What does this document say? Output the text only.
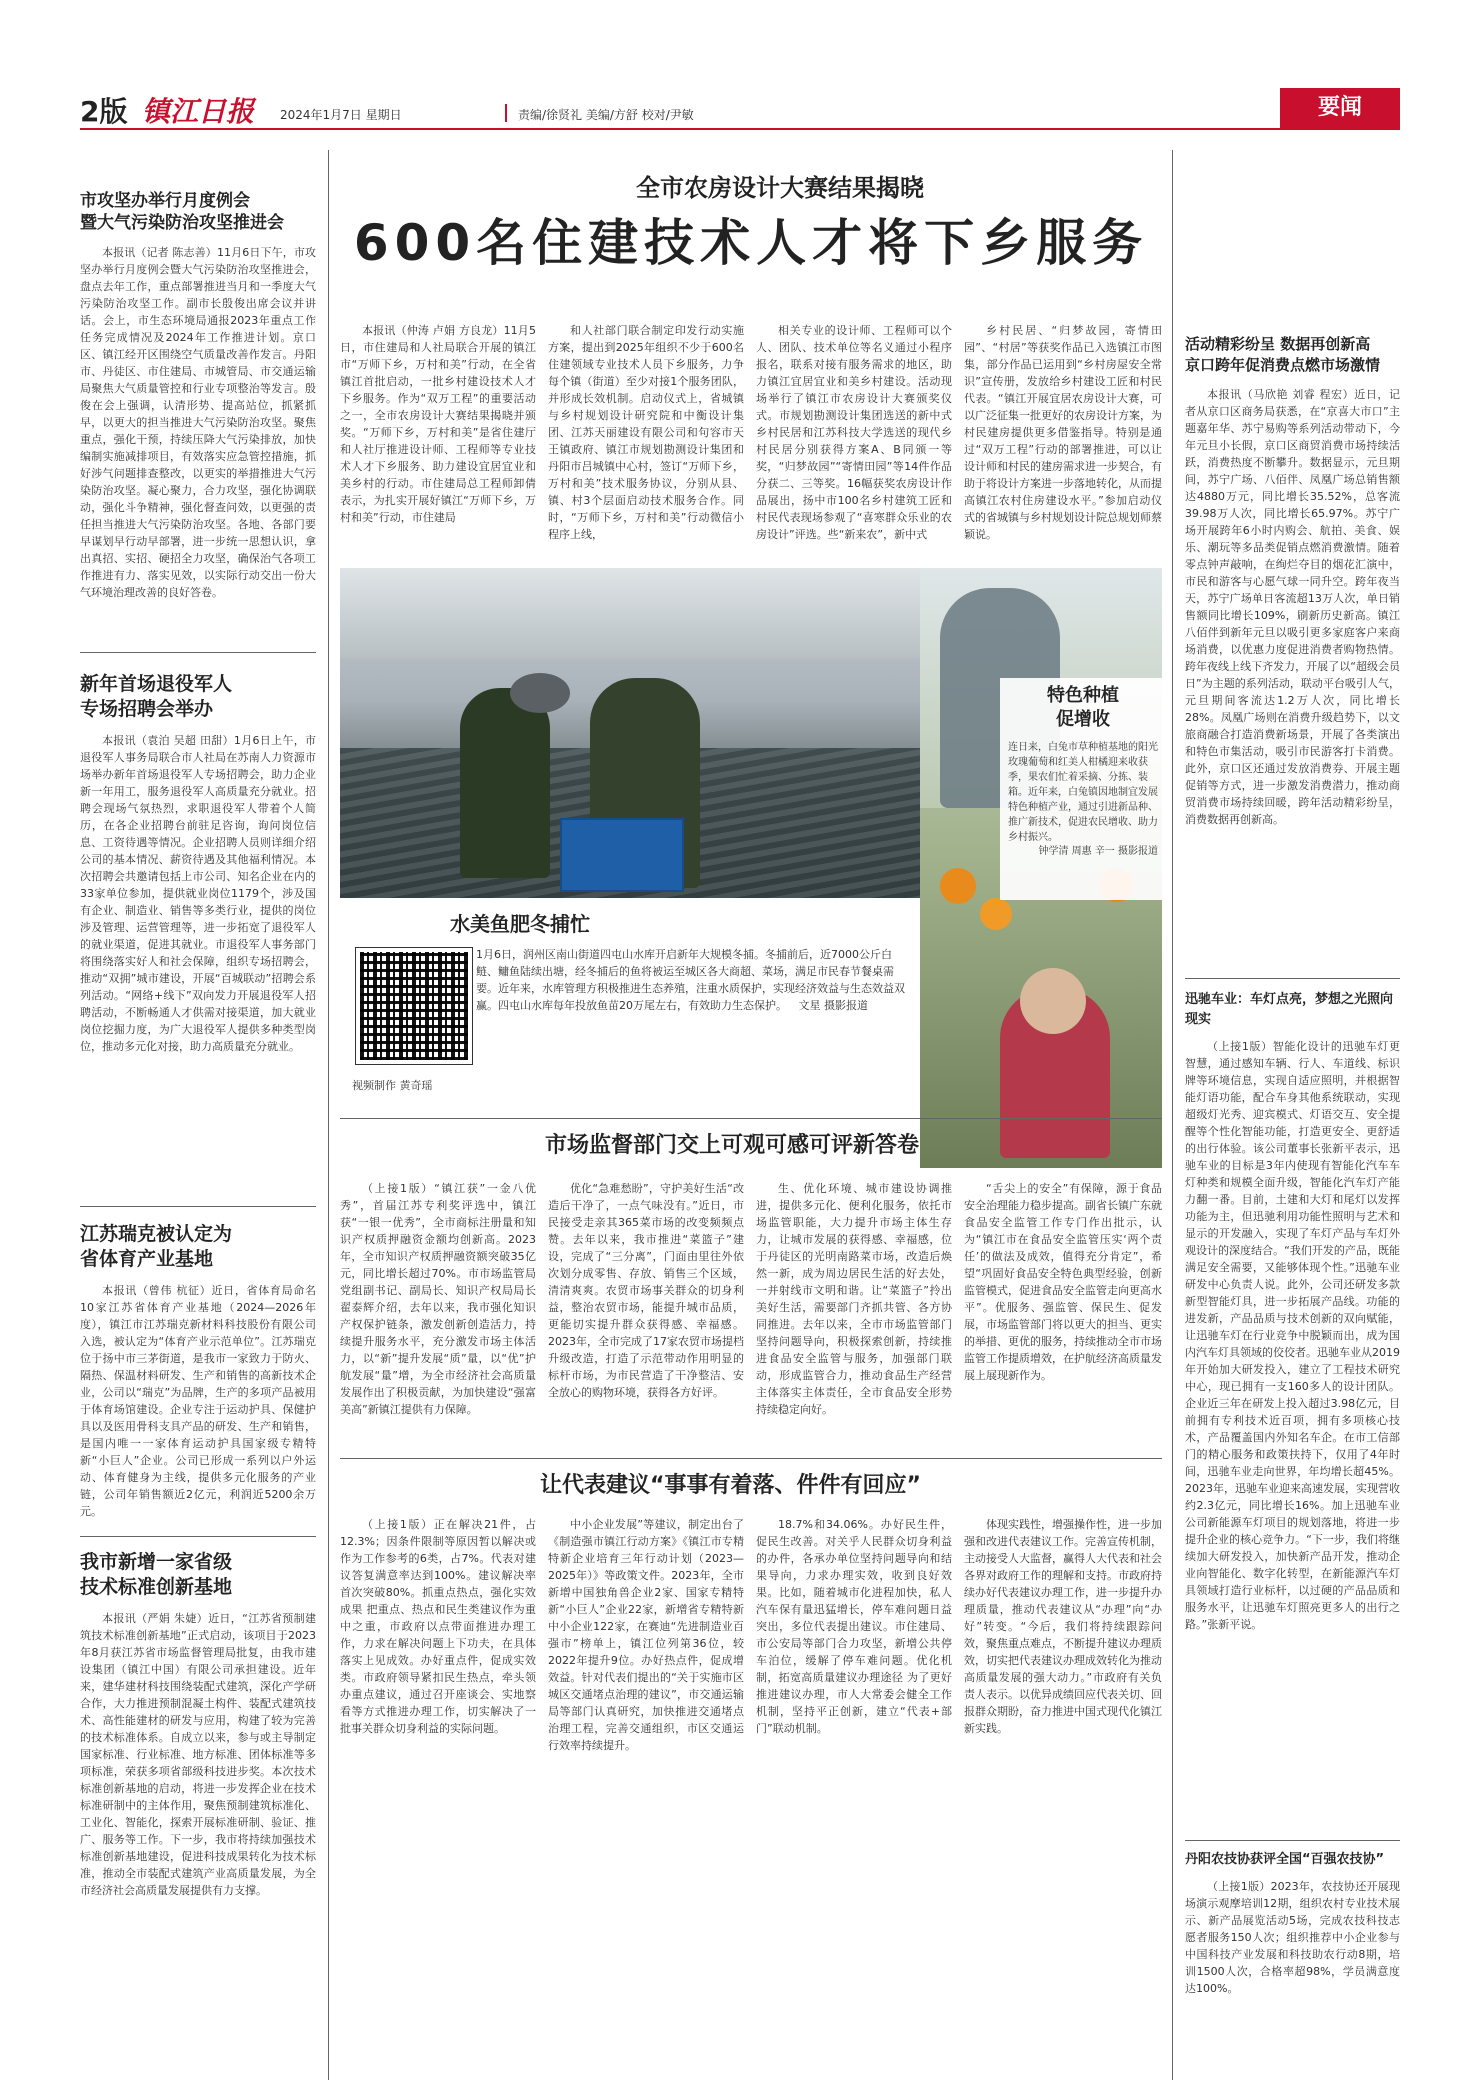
2版 镇江日报 2024年1月7日 星期日	责编/徐贤礼 美编/方舒 校对/尹敏	要闻
市攻坚办举行月度例会
暨大气污染防治攻坚推进会

本报讯（记者 陈志善）11月6日下午，市攻坚办举行月度例会暨大气污染防治攻坚推进会，盘点去年工作，重点部署推进当月和一季度大气污染防治攻坚工作。副市长殷俊出席会议并讲话。会上，市生态环境局通报2023年重点工作任务完成情况及2024年工作推进计划。京口区、镇江经开区围绕空气质量改善作发言。丹阳市、丹徒区、市住建局、市城管局、市交通运输局聚焦大气质量管控和行业专项整治等发言。殷俊在会上强调，认清形势、提高站位，抓紧抓早，以更大的担当推进大气污染防治攻坚。聚焦重点，强化干预，持续压降大气污染排放，加快编制实施减排项目，有效落实应急管控措施，抓好涉气问题排查整改，以更实的举措推进大气污染防治攻坚。凝心聚力，合力攻坚，强化协调联动，强化斗争精神，强化督查问效，以更强的责任担当推进大气污染防治攻坚。各地、各部门要早谋划早行动早部署，进一步统一思想认识，拿出真招、实招、硬招全力攻坚，确保治气各项工作推进有力、落实见效，以实际行动交出一份大气环境治理改善的良好答卷。

新年首场退役军人
专场招聘会举办

本报讯（袁泊 吴超 田甜）1月6日上午，市退役军人事务局联合市人社局在苏南人力资源市场举办新年首场退役军人专场招聘会，助力企业新一年用工，服务退役军人高质量充分就业。招聘会现场气氛热烈，求职退役军人带着个人简历，在各企业招聘台前驻足咨询，询问岗位信息、工资待遇等情况。企业招聘人员则详细介绍公司的基本情况、薪资待遇及其他福利情况。本次招聘会共邀请包括上市公司、知名企业在内的33家单位参加，提供就业岗位1179个，涉及国有企业、制造业、销售等多类行业，提供的岗位涉及管理、运营管理等，进一步拓宽了退役军人的就业渠道，促进其就业。市退役军人事务部门将围绕落实好人和社会保障，组织专场招聘会，推动“双拥”城市建设，开展“百城联动”招聘会系列活动。“网络+线下”双向发力开展退役军人招聘活动，不断畅通人才供需对接渠道，加大就业岗位挖掘力度，为广大退役军人提供多种类型岗位，推动多元化对接，助力高质量充分就业。

江苏瑞克被认定为
省体育产业基地

本报讯（曾伟 杭征）近日，省体育局命名10家江苏省体育产业基地（2024—2026年度），镇江市江苏瑞克新材料科技股份有限公司入选，被认定为“体育产业示范单位”。江苏瑞克位于扬中市三茅街道，是我市一家致力于防火、隔热、保温材料研发、生产和销售的高新技术企业，公司以“瑞克”为品牌，生产的多项产品被用于体育场馆建设。企业专注于运动护具、保健护具以及医用骨科支具产品的研发、生产和销售，是国内唯一一家体育运动护具国家级专精特新“小巨人”企业。公司已形成一系列以户外运动、体育健身为主线，提供多元化服务的产业链，公司年销售额近2亿元，利润近5200余万元。

我市新增一家省级
技术标准创新基地

本报讯（严娟 朱婕）近日，“江苏省预制建筑技术标准创新基地”正式启动，该项目于2023年8月获江苏省市场监督管理局批复，由我市建设集团（镇江中国）有限公司承担建设。近年来，建华建材科技围绕装配式建筑，深化产学研合作，大力推进预制混凝土构件、装配式建筑技术、高性能建材的研发与应用，构建了较为完善的技术标准体系。自成立以来，参与或主导制定国家标准、行业标准、地方标准、团体标准等多项标准，荣获多项省部级科技进步奖。本次技术标准创新基地的启动，将进一步发挥企业在技术标准研制中的主体作用，聚焦预制建筑标准化、工业化、智能化，探索开展标准研制、验证、推广、服务等工作。下一步，我市将持续加强技术标准创新基地建设，促进科技成果转化为技术标准，推动全市装配式建筑产业高质量发展，为全市经济社会高质量发展提供有力支撑。

全市农房设计大赛结果揭晓
600名住建技术人才将下乡服务

本报讯（仲涛 卢娟 方良龙）11月5日，市住建局和人社局联合开展的镇江市“万师下乡，万村和美”行动，在全省镇江首批启动，一批乡村建设技术人才下乡服务。作为“双万工程”的重要活动之一，全市农房设计大赛结果揭晓并颁奖。“万师下乡，万村和美”是省住建厅和人社厅推进设计师、工程师等专业技术人才下乡服务、助力建设宜居宜业和美乡村的行动。市住建局总工程师卸倩表示，为扎实开展好镇江“万师下乡，万村和美”行动，市住建局

和人社部门联合制定印发行动实施方案，提出到2025年组织不少于600名住建领域专业技术人员下乡服务，力争每个镇（街道）至少对接1个服务团队，并形成长效机制。启动仪式上，省城镇与乡村规划设计研究院和中衡设计集团、江苏天丽建设有限公司和句容市天王镇政府、镇江市规划勘测设计集团和丹阳市吕城镇中心村，签订“万师下乡，万村和美”技术服务协议，分别从县、镇、村3个层面启动技术服务合作。同时，“万师下乡，万村和美”行动微信小程序上线，

相关专业的设计师、工程师可以个人、团队、技术单位等名义通过小程序报名，联系对接有服务需求的地区，助力镇江宜居宜业和美乡村建设。活动现场举行了镇江市农房设计大赛颁奖仪式。市规划勘测设计集团选送的新中式乡村民居和江苏科技大学选送的现代乡村民居分别获得方案A、B同颁一等奖，“归梦故园”“寄情田园”等14件作品分获二、三等奖。16幅获奖农房设计作品展出，扬中市100名乡村建筑工匠和村民代表现场参观了“喜寒群众乐业的农房设计”评选。些“新来农”，新中式

乡村民居、“归梦故园，寄情田园”、“村居”等获奖作品已入选镇江市图集，部分作品已运用到“乡村房屋安全常识”宣传册，发放给乡村建设工匠和村民代表。“镇江开展宜居农房设计大赛，可以广泛征集一批更好的农房设计方案，为村民建房提供更多借鉴指导。特别是通过“双万工程”行动的部署推进，可以让设计师和村民的建房需求进一步契合，有助于将设计方案进一步落地转化，从而提高镇江农村住房建设水平。”参加启动仪式的省城镇与乡村规划设计院总规划师蔡颖说。

特色种植
促增收
连日来，白兔市草种植基地的阳光玫瑰葡萄和红美人柑橘迎来收获季，果农们忙着采摘、分拣、装箱。近年来，白兔镇因地制宜发展特色种植产业，通过引进新品种、推广新技术，促进农民增收、助力乡村振兴。
钟学清 周惠 辛一 摄影报道
水美鱼肥冬捕忙
视频制作 黄奇瑶
1月6日，润州区南山街道四屯山水库开启新年大规模冬捕。冬捕前后，近7000公斤白鲢、鳙鱼陆续出塘，经冬捕后的鱼将被运至城区各大商超、菜场，满足市民春节餐桌需要。近年来，水库管理方积极推进生态养殖，注重水质保护，实现经济效益与生态效益双赢。四屯山水库每年投放鱼苗20万尾左右，有效助力生态保护。 文星 摄影报道
市场监督部门交上可观可感可评新答卷

（上接1版）“镇江获”一金八优秀”，首届江苏专利奖评选中，镇江获“一银一优秀”，全市商标注册量和知识产权质押融资金额均创新高。2023年，全市知识产权质押融资额突破35亿元，同比增长超过70%。市市场监管局党组副书记、副局长、知识产权局局长翟泰辉介绍，去年以来，我市强化知识产权保护链条，激发创新创造活力，持续提升服务水平，充分激发市场主体活力，以“新”提升发展“质”量，以“优”护航发展“量”增，为全市经济社会高质量发展作出了积极贡献，为加快建设“强富美高”新镇江提供有力保障。

优化“急难愁盼”，守护美好生活“改造后干净了，一点气味没有。”近日，市民接受走亲其365菜市场的改变频频点赞。去年以来，我市推进“菜篮子”建设，完成了“三分离”，门面由里往外依次划分成零售、存放、销售三个区域，清清爽爽。农贸市场事关群众的切身利益，整治农贸市场，能提升城市品质，更能切实提升群众获得感、幸福感。2023年，全市完成了17家农贸市场提档升级改造，打造了示范带动作用明显的标杆市场，为市民营造了干净整洁、安全放心的购物环境，获得各方好评。

生、优化环境、城市建设协调推进，提供多元化、便利化服务，依托市场监管职能，大力提升市场主体生存力，让城市发展的获得感、幸福感，位于丹徒区的光明南路菜市场，改造后焕然一新，成为周边居民生活的好去处，一并射线市文明和谐。让“菜篮子”拎出美好生活，需要部门齐抓共管、各方协同推进。去年以来，全市市场监管部门坚持问题导向，积极探索创新，持续推进食品安全监管与服务，加强部门联动，形成监管合力，推动食品生产经营主体落实主体责任，全市食品安全形势持续稳定向好。

“舌尖上的安全”有保障，源于食品安全治理能力稳步提高。副省长镇广东就食品安全监管工作专门作出批示，认为“镇江市在食品安全监管压实‘两个责任’的做法及成效，值得充分肯定”，希望“巩固好食品安全特色典型经验，创新监管模式，促进食品安全监管走向更高水平”。优服务、强监管、保民生、促发展，市场监管部门将以更大的担当、更实的举措、更优的服务，持续推动全市市场监管工作提质增效，在护航经济高质量发展上展现新作为。

让代表建议“事事有着落、件件有回应”

（上接1版）正在解决21件，占12.3%；因条件限制等原因暂以解决或作为工作参考的6类，占7%。代表对建议答复满意率达到100%。建议解决率首次突破80%。抓重点热点，强化实效成果 把重点、热点和民生类建议作为重中之重，市政府以点带面推进办理工作，力求在解决问题上下功夫，在具体落实上见成效。办好重点件，促成实效类。市政府领导紧扣民生热点，牵头领办重点建议，通过召开座谈会、实地察看等方式推进办理工作，切实解决了一批事关群众切身利益的实际问题。

中小企业发展”等建议，制定出台了《制造强市镇江行动方案》《镇江市专精特新企业培育三年行动计划（2023—2025年）》等政策文件。2023年，全市新增中国独角兽企业2家、国家专精特新“小巨人”企业22家，新增省专精特新中小企业122家，在赛迪“先进制造业百强市”榜单上，镇江位列第36位，较2022年提升9位。办好热点件，促成增效益。针对代表们提出的“关于实施市区城区交通堵点治理的建议”，市交通运输局等部门认真研究，加快推进交通堵点治理工程，完善交通组织，市区交通运行效率持续提升。

18.7%和34.06%。办好民生件，促民生改善。对关乎人民群众切身利益的办件，各承办单位坚持问题导向和结果导向，力求办理实效，收到良好效果。比如，随着城市化进程加快，私人汽车保有量迅猛增长，停车难问题日益突出，多位代表提出建议。市住建局、市公安局等部门合力攻坚，新增公共停车泊位，缓解了停车难问题。优化机制，拓宽高质量建议办理途径 为了更好推进建议办理，市人大常委会健全工作机制，坚持平正创新，建立“代表+部门”联动机制。

体现实践性，增强操作性，进一步加强和改进代表建议工作。完善宣传机制，主动接受人大监督，赢得人大代表和社会各界对政府工作的理解和支持。市政府持续办好代表建议办理工作，进一步提升办理质量，推动代表建议从“办理”向“办好”转变。“今后，我们将持续跟踪问效，聚焦重点难点，不断提升建议办理质效，切实把代表建议办理成效转化为推动高质量发展的强大动力。”市政府有关负责人表示。以优异成绩回应代表关切、回报群众期盼，奋力推进中国式现代化镇江新实践。

活动精彩纷呈 数据再创新高
京口跨年促消费点燃市场激情

本报讯（马欣艳 刘睿 程宏）近日，记者从京口区商务局获悉，在“京喜大市口”主题嘉年华、苏宁易购等系列活动带动下，今年元旦小长假，京口区商贸消费市场持续活跃，消费热度不断攀升。数据显示，元旦期间，苏宁广场、八佰伴、凤凰广场总销售额达4880万元，同比增长35.52%，总客流39.98万人次，同比增长65.97%。苏宁广场开展跨年6小时内购会、航拍、美食、娱乐、潮玩等多品类促销点燃消费激情。随着零点钟声敲响，在绚烂夺目的烟花汇演中，市民和游客与心愿气球一同升空。跨年夜当天，苏宁广场单日客流超13万人次，单日销售额同比增长109%，刷新历史新高。镇江八佰伴到新年元旦以吸引更多家庭客户来商场消费，以优惠力度促进消费者购物热情。跨年夜线上线下齐发力，开展了以“超级会员日”为主题的系列活动，联动平台吸引人气，元旦期间客流达1.2万人次，同比增长28%。凤凰广场则在消费升级趋势下，以文旅商融合打造消费新场景，开展了各类演出和特色市集活动，吸引市民游客打卡消费。此外，京口区还通过发放消费券、开展主题促销等方式，进一步激发消费潜力，推动商贸消费市场持续回暖，跨年活动精彩纷呈，消费数据再创新高。

迅驰车业：车灯点亮，梦想之光照向现实

（上接1版）智能化设计的迅驰车灯更智慧，通过感知车辆、行人、车道线、标识牌等环境信息，实现自适应照明，并根据智能灯语功能，配合车身其他系统联动，实现超级灯光秀、迎宾模式、灯语交互、安全提醒等个性化智能功能，打造更安全、更舒适的出行体验。该公司董事长张新平表示，迅驰车业的目标是3年内使现有智能化汽车车灯种类和规模全面升级，智能化汽车灯产能力翻一番。目前，土建和大灯和尾灯以发挥功能为主，但迅驰利用功能性照明与艺术和显示的开发融入，实现了车灯产品与车灯外观设计的深度结合。“我们开发的产品，既能满足安全需要，又能够体现个性。”迅驰车业研发中心负责人说。此外，公司还研发多款新型智能灯具，进一步拓展产品线。功能的进发新，产品品质与技术创新的双向赋能，让迅驰车灯在行业竞争中脱颖而出，成为国内汽车灯具领域的佼佼者。迅驰车业从2019年开始加大研发投入，建立了工程技术研究中心，现已拥有一支160多人的设计团队。企业近三年在研发上投入超过3.98亿元，目前拥有专利技术近百项，拥有多项核心技术，产品覆盖国内外知名车企。在市工信部门的精心服务和政策扶持下，仅用了4年时间，迅驰车业走向世界，年均增长超45%。2023年，迅驰车业迎来高速发展，实现营收约2.3亿元，同比增长16%。加上迅驰车业公司新能源车灯项目的规划落地，将进一步提升企业的核心竞争力。“下一步，我们将继续加大研发投入，加快新产品开发，推动企业向智能化、数字化转型，在新能源汽车灯具领域打造行业标杆，以过硬的产品品质和服务水平，让迅驰车灯照亮更多人的出行之路。”张新平说。

丹阳农技协获评全国“百强农技协”

（上接1版）2023年，农技协还开展现场演示观摩培训12期，组织农村专业技术展示、新产品展览活动5场，完成农技科技志愿者服务150人次；组织推荐中小企业参与中国科技产业发展和科技助农行动8期，培训1500人次，合格率超98%，学员满意度达100%。
